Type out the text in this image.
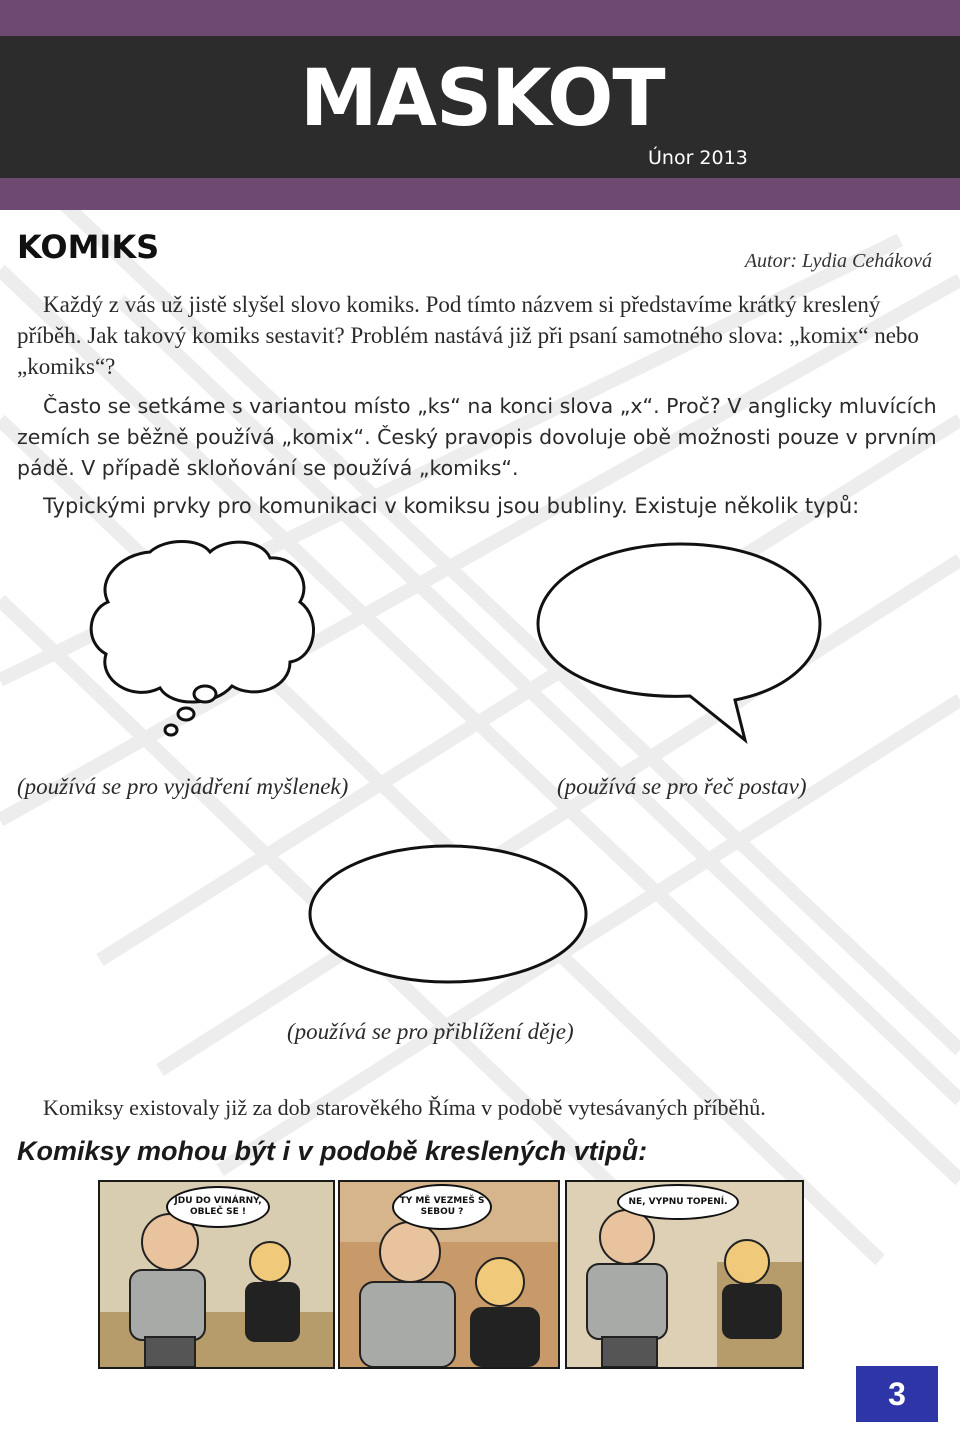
MASKOT
Únor 2013
KOMIKS	Autor: Lydia Ceháková

Každý z vás už jistě slyšel slovo komiks. Pod tímto názvem si představíme krátký kreslený příběh. Jak takový komiks sestavit? Problém nastává již při psaní samotného slova: „komix“ nebo „komiks“?

Často se setkáme s variantou místo „ks“ na konci slova „x“. Proč? V anglicky mluvících zemích se běžně používá „komix“. Český pravopis dovoluje obě možnosti pouze v prvním pádě. V případě skloňování se používá „komiks“.

Typickými prvky pro komunikaci v komiksu jsou bubliny. Existuje několik typů:

(používá se pro vyjádření myšlenek)	(používá se pro řeč postav)
(používá se pro přiblížení děje)

Komiksy existovaly již za dob starověkého Říma v podobě vytesávaných příběhů.

Komiksy mohou být i v podobě kreslených vtipů:
JDU DO VINÁRNY, OBLEČ SE !
TY MĚ VEZMEŠ S SEBOU ?
NE, VYPNU TOPENÍ.
3
